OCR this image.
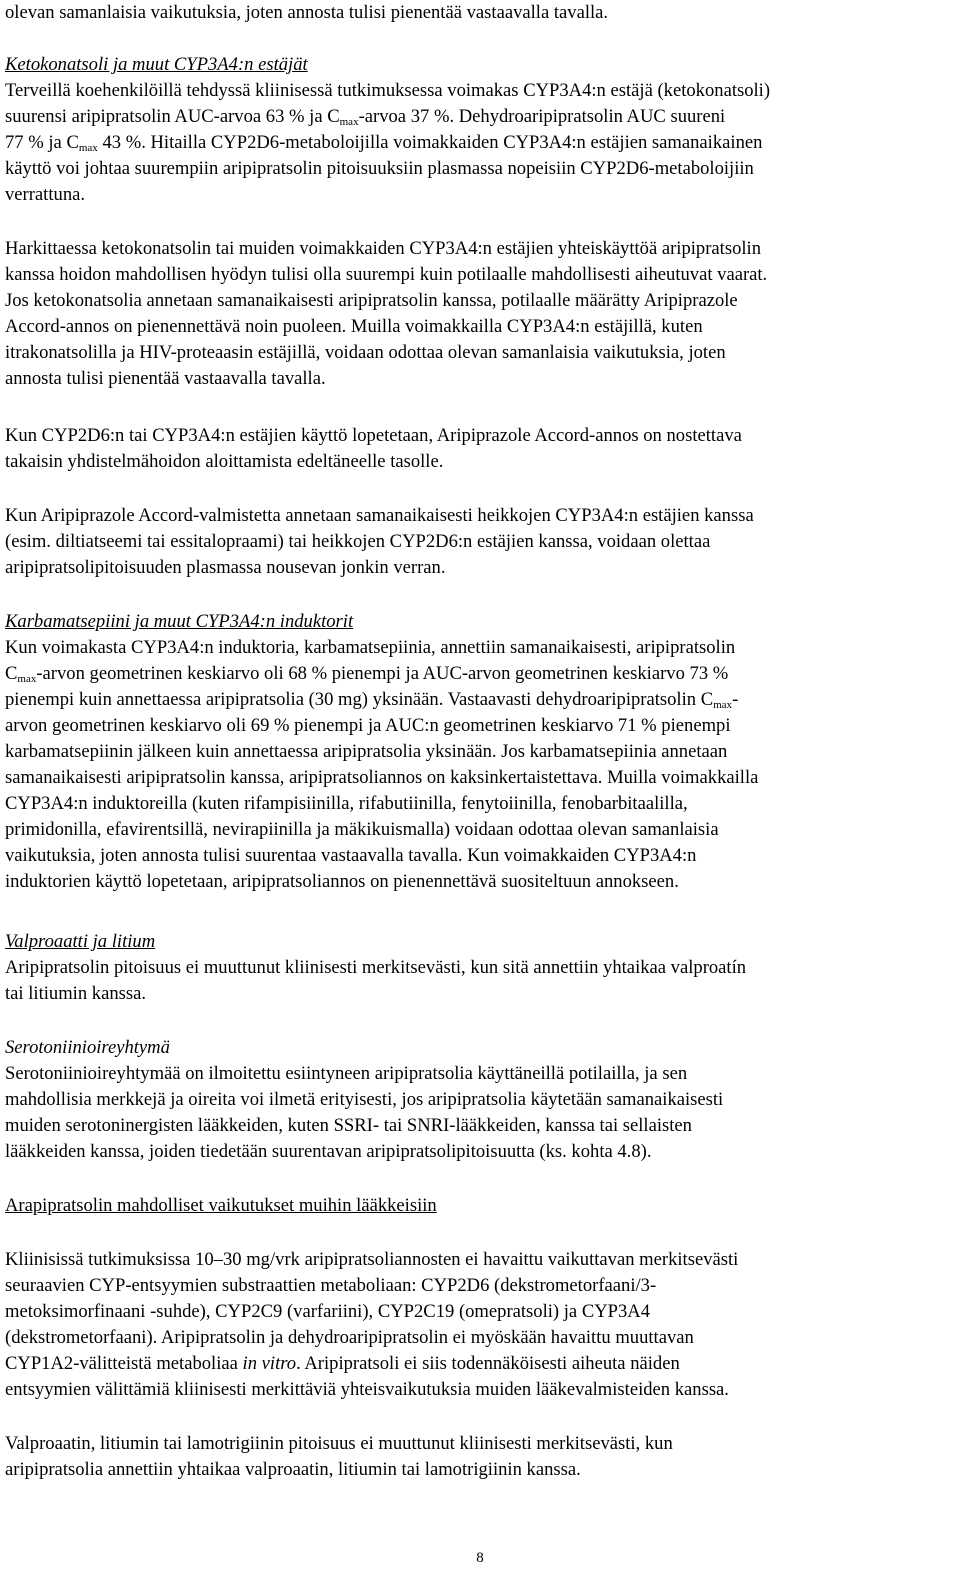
olevan samanlaisia vaikutuksia, joten annosta tulisi pienentää vastaavalla tavalla.
Ketokonatsoli ja muut CYP3A4:n estäjät
Terveillä koehenkilöillä tehdyssä kliinisessä tutkimuksessa voimakas CYP3A4:n estäjä (ketokonatsoli)
suurensi aripipratsolin AUC-arvoa 63 % ja $C_{max}$-arvoa 37 %. Dehydroaripipratsolin AUC suureni
77 % ja $C_{max}$ 43 %. Hitailla CYP2D6-metaboloijilla voimakkaiden CYP3A4:n estäjien samanaikainen
käyttö voi johtaa suurempiin aripipratsolin pitoisuuksiin plasmassa nopeisiin CYP2D6-metaboloijiin
verrattuna.
Harkittaessa ketokonatsolin tai muiden voimakkaiden CYP3A4:n estäjien yhteiskäyttöä aripipratsolin
kanssa hoidon mahdollisen hyödyn tulisi olla suurempi kuin potilaalle mahdollisesti aiheutuvat vaarat.
Jos ketokonatsolia annetaan samanaikaisesti aripipratsolin kanssa, potilaalle määrätty Aripiprazole
Accord-annos on pienennettävä noin puoleen. Muilla voimakkailla CYP3A4:n estäjillä, kuten
itrakonatsolilla ja HIV-proteaasin estäjillä, voidaan odottaa olevan samanlaisia vaikutuksia, joten
annosta tulisi pienentää vastaavalla tavalla.
Kun CYP2D6:n tai CYP3A4:n estäjien käyttö lopetetaan, Aripiprazole Accord-annos on nostettava
takaisin yhdistelmähoidon aloittamista edeltäneelle tasolle.
Kun Aripiprazole Accord-valmistetta annetaan samanaikaisesti heikkojen CYP3A4:n estäjien kanssa
(esim. diltiatseemi tai essitalopraami) tai heikkojen CYP2D6:n estäjien kanssa, voidaan olettaa
aripipratsolipitoisuuden plasmassa nousevan jonkin verran.
Karbamatsepiini ja muut CYP3A4:n induktorit
Kun voimakasta CYP3A4:n induktoria, karbamatsepiinia, annettiin samanaikaisesti, aripipratsolin
$C_{max}$-arvon geometrinen keskiarvo oli 68 % pienempi ja AUC-arvon geometrinen keskiarvo 73 %
pienempi kuin annettaessa aripipratsolia (30 mg) yksinään. Vastaavasti dehydroaripipratsolin $C_{max}-$
arvon geometrinen keskiarvo oli 69 % pienempi ja AUC:n geometrinen keskiarvo 71 % pienempi
karbamatsepiinin jälkeen kuin annettaessa aripipratsolia yksinään. Jos karbamatsepiinia annetaan
samanaikaisesti aripipratsolin kanssa, aripipratsoliannos on kaksinkertaistettava. Muilla voimakkailla
CYP3A4:n induktoreilla (kuten rifampisiinilla, rifabutiinilla, fenytoiinilla, fenobarbitaalilla,
primidonilla, efavirentsillä, nevirapiinilla ja mäkikuismalla) voidaan odottaa olevan samanlaisia
vaikutuksia, joten annosta tulisi suurentaa vastaavalla tavalla. Kun voimakkaiden CYP3A4:n
induktorien käyttö lopetetaan, aripipratsoliannos on pienennettävä suositeltuun annokseen.
Valproaatti ja litium
Aripipratsolin pitoisuus ei muuttunut kliinisesti merkitsevästi, kun sitä annettiin yhtaikaa valproatín
tai litiumin kanssa.
Serotoniinioireyhtymä
Serotoniinioireyhtymää on ilmoitettu esiintyneen aripipratsolia käyttäneillä potilailla, ja sen
mahdollisia merkkejä ja oireita voi ilmetä erityisesti, jos aripipratsolia käytetään samanaikaisesti
muiden serotoninergisten lääkkeiden, kuten SSRI- tai SNRI-lääkkeiden, kanssa tai sellaisten
lääkkeiden kanssa, joiden tiedetään suurentavan aripipratsolipitoisuutta (ks. kohta 4.8).
Arapipratsolin mahdolliset vaikutukset muihin lääkkeisiin
Kliinisissä tutkimuksissa 10–30 mg/vrk aripipratsoliannosten ei havaittu vaikuttavan merkitsevästi
seuraavien CYP-entsyymien substraattien metaboliaan: CYP2D6 (dekstrometorfaani/3-
metoksimorfinaani -suhde), CYP2C9 (varfariini), CYP2C19 (omepratsoli) ja CYP3A4
(dekstrometorfaani). Aripipratsolin ja dehydroaripipratsolin ei myöskään havaittu muuttavan
CYP1A2-välitteistä metaboliaa in vitro. Aripipratsoli ei siis todennäköisesti aiheuta näiden
entsyymien välittämiä kliinisesti merkittäviä yhteisvaikutuksia muiden lääkevalmisteiden kanssa.
Valproaatin, litiumin tai lamotrigiinin pitoisuus ei muuttunut kliinisesti merkitsevästi, kun
aripipratsolia annettiin yhtaikaa valproaatin, litiumin tai lamotrigiinin kanssa.
8
